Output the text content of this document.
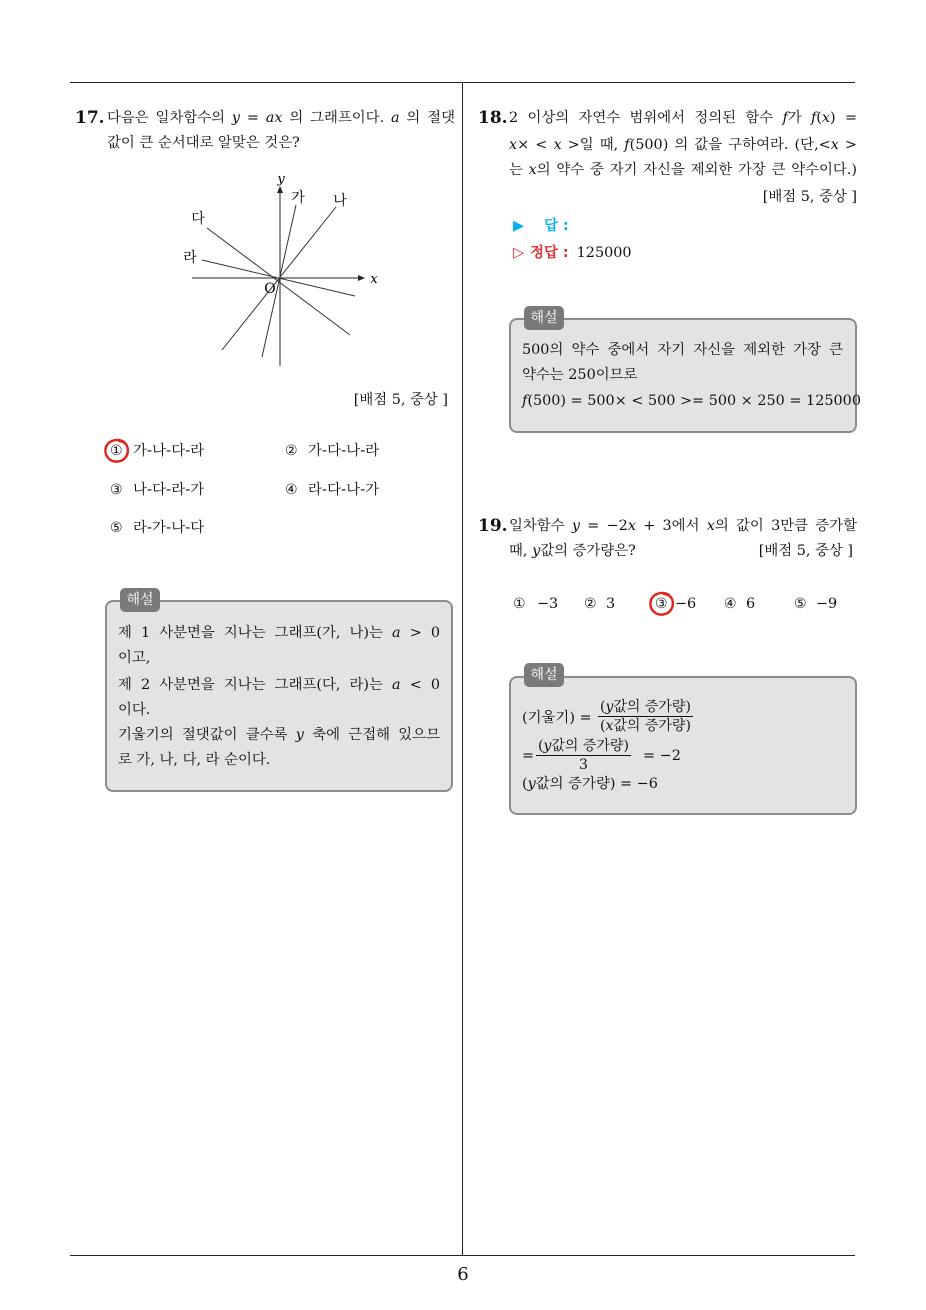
17. 다음은 일차함수의 y = ax 의 그래프이다. a 의 절댓
값이 큰 순서대로 알맞은 것은?
y
x
O
가 나
다
라
[배점 5, 중상 ]
① 가-나-다-라	② 가-다-나-라
③ 나-다-라-가	④ 라-다-나-가
⑤ 라-가-나-다
해설
제 1 사분면을 지나는 그래프(가, 나)는 a > 0
이고,
제 2 사분면을 지나는 그래프(다, 라)는 a < 0
이다.
기울기의 절댓값이 클수록 y 축에 근접해 있으므
로 가, 나, 다, 라 순이다.
18. 2 이상의 자연수 범위에서 정의된 함수 f가 f(x) =
x× < x >일 때, f(500) 의 값을 구하여라. (단,<x >
는 x의 약수 중 자기 자신을 제외한 가장 큰 약수이다.)
[배점 5, 중상 ]
▶ 답 :
▷ 정답 : 125000
해설
500의 약수 중에서 자기 자신을 제외한 가장 큰
약수는 250이므로
f(500) = 500× < 500 >= 500 × 250 = 125000
19. 일차함수 y = −2x + 3에서 x의 값이 3만큼 증가할
때, y값의 증가량은?	[배점 5, 중상 ]
① −3 ② 3	③ −6 ④ 6	⑤ −9
해설
(기울기) =
(y값의 증가량)
(x값의 증가량)
=
(y값의 증가량)
3
= −2
(y값의 증가량) = −6
6
